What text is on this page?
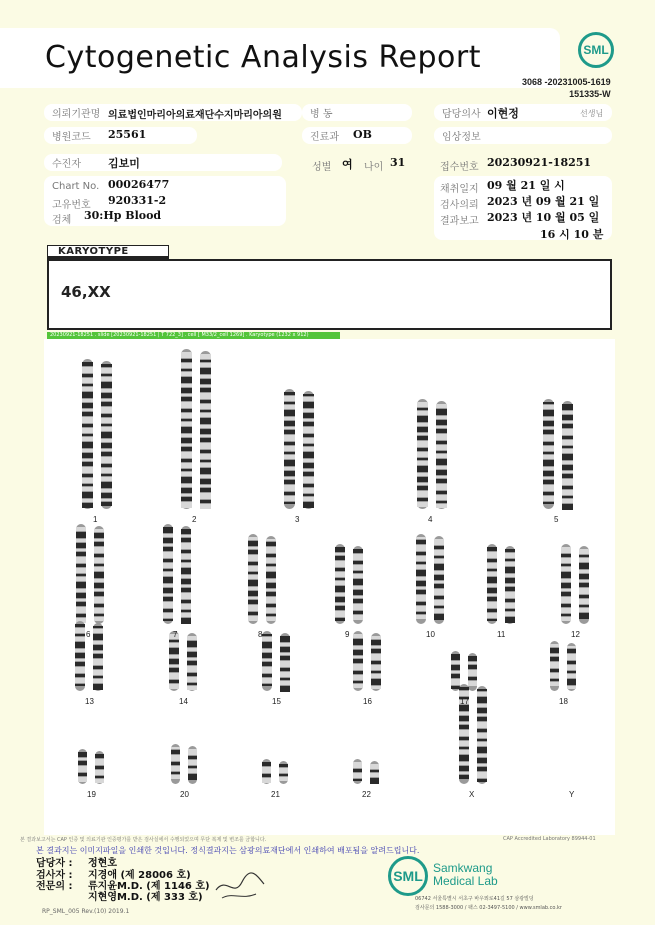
Cytogenetic Analysis Report	SML
3068 -20231005-1619
151335-W
의뢰기관명 의료법인마리아의료재단수지마리아의원	병 동	담당의사 이현정	선생님
병원코드 25561	진료과 OB	임상정보
수진자 김보미	성별 여 나이 31	접수번호 20230921-18251
Chart No. 00026477
고유번호 920331-2
검체 30:Hp Blood
채취일지 09 월 21 일 시
검사의뢰 2023 년 09 월 21 일
결과보고 2023 년 10 월 05 일
16 시 10 분
KARYOTYPE
46,XX
20230921-18251 . slide [20230921-18251 | T 722_3] . cell [ M33/2_cell 1269] . Karyotype (1232 x 912)
1	2	3	4	5
6	7	8	9	10	11	12
13	14	15	16	17	18
19	20	21	22	X	Y
본 결과보고서는 CAP 인증 및 의료기관 인증평가를 받은 검사실에서 수행되었으며 무단 복제 및 변조를 금합니다.	CAP Accredited Laboratory 89944-01
본 결과지는 이미지파일을 인쇄한 것입니다. 정식결과지는 삼광의료재단에서 인쇄하여 배포됨을 알려드립니다.
담당자 : 정현호
검사자 : 지경애 (제 28006 호)
전문의 : 류지윤M.D. (제 1146 호)
지현영M.D. (제 333 호)
RP_SML_005 Rev.(10) 2019.1
SML Samkwang
Medical Lab
06742 서울특별시 서초구 바우뫼로41길 57 삼광빌딩
검사문의 1588-3000 / 팩스 02-3497-5100 / www.smlab.co.kr
